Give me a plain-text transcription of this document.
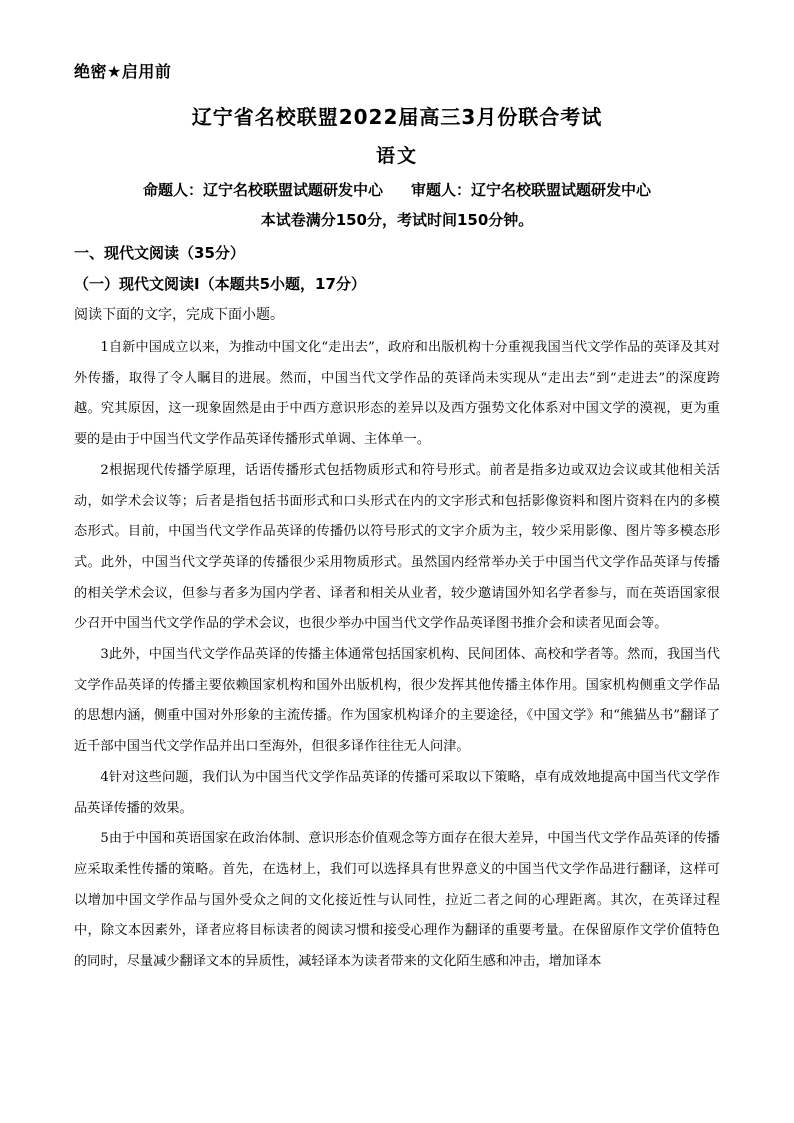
绝密★启用前
辽宁省名校联盟2022届高三3月份联合考试
语文
命题人：辽宁名校联盟试题研发中心 审题人：辽宁名校联盟试题研发中心
本试卷满分150分，考试时间150分钟。
一、现代文阅读（35分）
（一）现代文阅读Ⅰ（本题共5小题，17分）
阅读下面的文字，完成下面小题。

1自新中国成立以来，为推动中国文化“走出去”，政府和出版机构十分重视我国当代文学作品的英译及其对外传播，取得了令人瞩目的进展。然而，中国当代文学作品的英译尚未实现从“走出去”到“走进去”的深度跨越。究其原因，这一现象固然是由于中西方意识形态的差异以及西方强势文化体系对中国文学的漠视，更为重要的是由于中国当代文学作品英译传播形式单调、主体单一。

2根据现代传播学原理，话语传播形式包括物质形式和符号形式。前者是指多边或双边会议或其他相关活动，如学术会议等；后者是指包括书面形式和口头形式在内的文字形式和包括影像资料和图片资料在内的多模态形式。目前，中国当代文学作品英译的传播仍以符号形式的文字介质为主，较少采用影像、图片等多模态形式。此外，中国当代文学英译的传播很少采用物质形式。虽然国内经常举办关于中国当代文学作品英译与传播的相关学术会议，但参与者多为国内学者、译者和相关从业者，较少邀请国外知名学者参与，而在英语国家很少召开中国当代文学作品的学术会议，也很少举办中国当代文学作品英译图书推介会和读者见面会等。

3此外，中国当代文学作品英译的传播主体通常包括国家机构、民间团体、高校和学者等。然而，我国当代文学作品英译的传播主要依赖国家机构和国外出版机构，很少发挥其他传播主体作用。国家机构侧重文学作品的思想内涵，侧重中国对外形象的主流传播。作为国家机构译介的主要途径，《中国文学》和“熊猫丛书”翻译了近千部中国当代文学作品并出口至海外，但很多译作往往无人问津。

4针对这些问题，我们认为中国当代文学作品英译的传播可采取以下策略，卓有成效地提高中国当代文学作品英译传播的效果。

5由于中国和英语国家在政治体制、意识形态价值观念等方面存在很大差异，中国当代文学作品英译的传播应采取柔性传播的策略。首先，在选材上，我们可以选择具有世界意义的中国当代文学作品进行翻译，这样可以增加中国文学作品与国外受众之间的文化接近性与认同性，拉近二者之间的心理距离。其次，在英译过程中，除文本因素外，译者应将目标读者的阅读习惯和接受心理作为翻译的重要考量。在保留原作文学价值特色的同时，尽量减少翻译文本的异质性，减轻译本为读者带来的文化陌生感和冲击，增加译本
